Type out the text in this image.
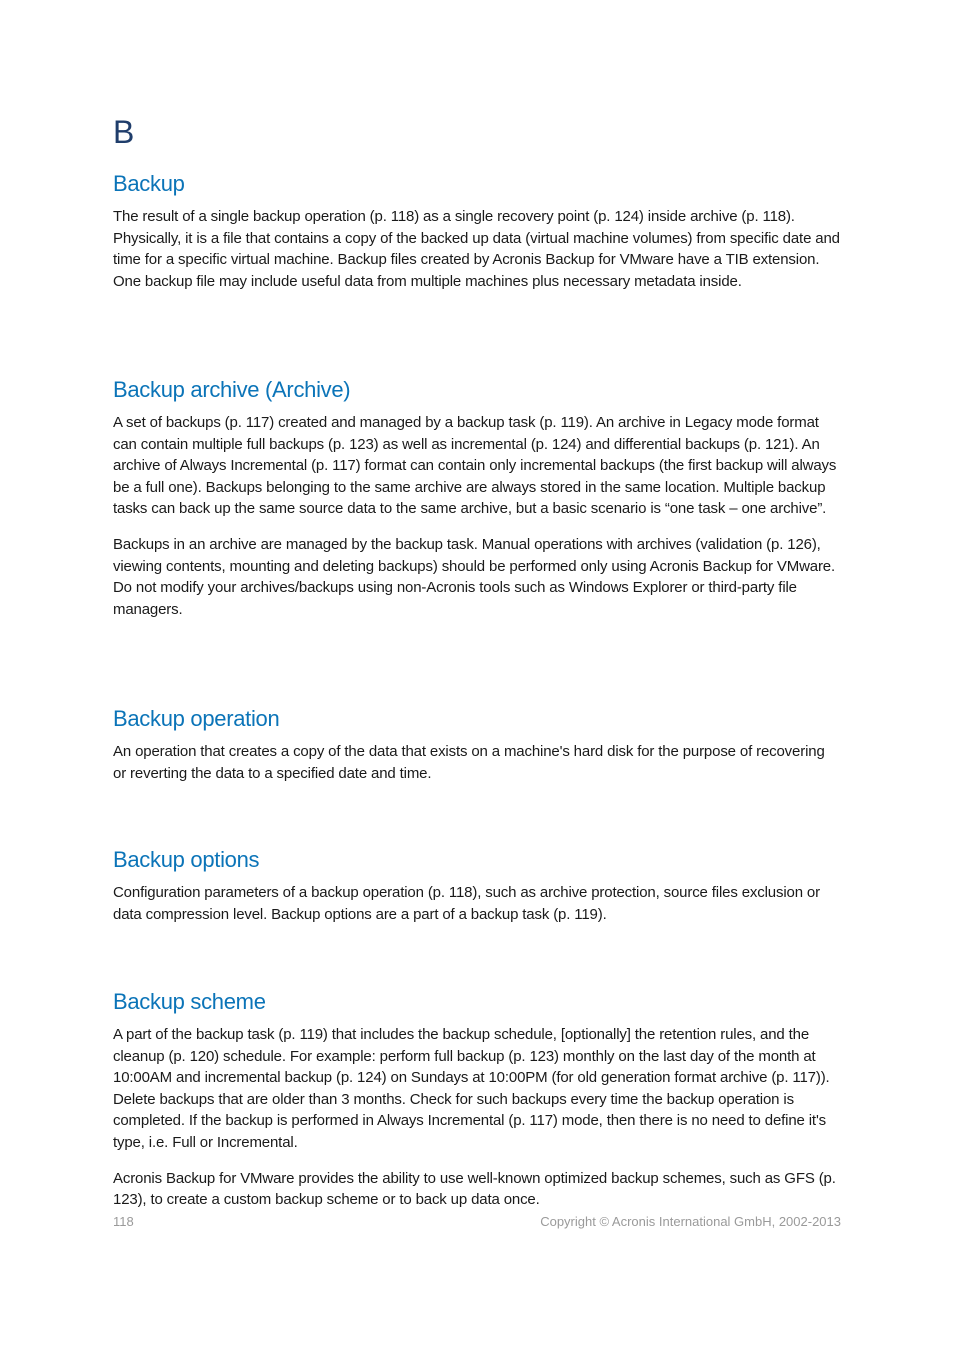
B
Backup

The result of a single backup operation (p. 118) as a single recovery point (p. 124) inside archive (p. 118). Physically, it is a file that contains a copy of the backed up data (virtual machine volumes) from specific date and time for a specific virtual machine. Backup files created by Acronis Backup for VMware have a TIB extension. One backup file may include useful data from multiple machines plus necessary metadata inside.

Backup archive (Archive)

A set of backups (p. 117) created and managed by a backup task (p. 119). An archive in Legacy mode format can contain multiple full backups (p. 123) as well as incremental (p. 124) and differential backups (p. 121). An archive of Always Incremental (p. 117) format can contain only incremental backups (the first backup will always be a full one). Backups belonging to the same archive are always stored in the same location. Multiple backup tasks can back up the same source data to the same archive, but a basic scenario is “one task – one archive”.

Backups in an archive are managed by the backup task. Manual operations with archives (validation (p. 126), viewing contents, mounting and deleting backups) should be performed only using Acronis Backup for VMware. Do not modify your archives/backups using non-Acronis tools such as Windows Explorer or third-party file managers.

Backup operation

An operation that creates a copy of the data that exists on a machine's hard disk for the purpose of recovering or reverting the data to a specified date and time.

Backup options

Configuration parameters of a backup operation (p. 118), such as archive protection, source files exclusion or data compression level. Backup options are a part of a backup task (p. 119).

Backup scheme

A part of the backup task (p. 119) that includes the backup schedule, [optionally] the retention rules, and the cleanup (p. 120) schedule. For example: perform full backup (p. 123) monthly on the last day of the month at 10:00AM and incremental backup (p. 124) on Sundays at 10:00PM (for old generation format archive (p. 117)). Delete backups that are older than 3 months. Check for such backups every time the backup operation is completed. If the backup is performed in Always Incremental (p. 117) mode, then there is no need to define it's type, i.e. Full or Incremental.

Acronis Backup for VMware provides the ability to use well-known optimized backup schemes, such as GFS (p. 123), to create a custom backup scheme or to back up data once.

118	Copyright © Acronis International GmbH, 2002-2013
